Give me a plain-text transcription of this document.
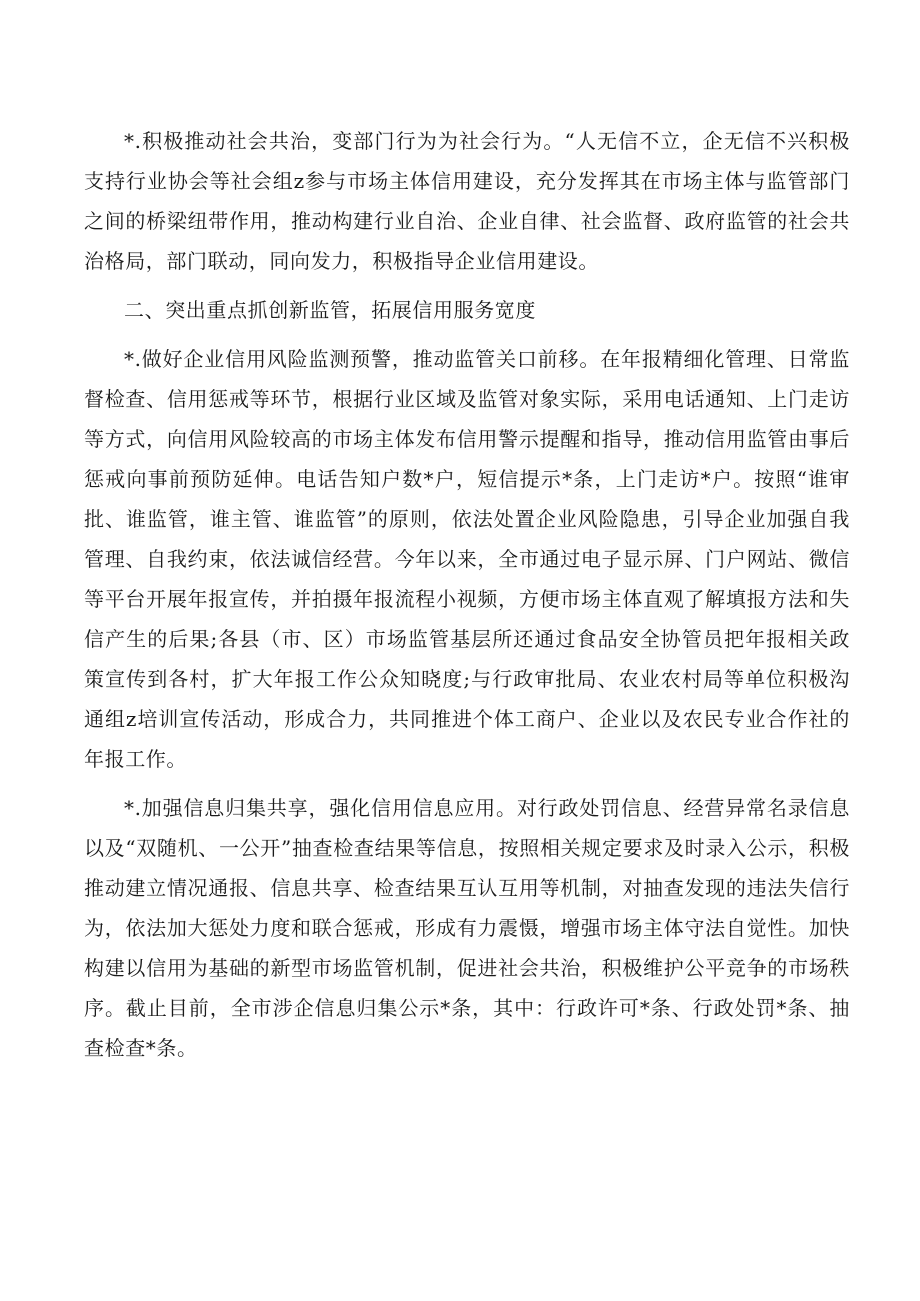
*.积极推动社会共治，变部门行为为社会行为。“人无信不立，企无信不兴积极支持行业协会等社会组z参与市场主体信用建设，充分发挥其在市场主体与监管部门之间的桥梁纽带作用，推动构建行业自治、企业自律、社会监督、政府监管的社会共治格局，部门联动，同向发力，积极指导企业信用建设。

二、突出重点抓创新监管，拓展信用服务宽度

*.做好企业信用风险监测预警，推动监管关口前移。在年报精细化管理、日常监督检查、信用惩戒等环节，根据行业区域及监管对象实际，采用电话通知、上门走访等方式，向信用风险较高的市场主体发布信用警示提醒和指导，推动信用监管由事后惩戒向事前预防延伸。电话告知户数*户，短信提示*条，上门走访*户。按照“谁审批、谁监管，谁主管、谁监管”的原则，依法处置企业风险隐患，引导企业加强自我管理、自我约束，依法诚信经营。今年以来，全市通过电子显示屏、门户网站、微信等平台开展年报宣传，并拍摄年报流程小视频，方便市场主体直观了解填报方法和失信产生的后果;各县（市、区）市场监管基层所还通过食品安全协管员把年报相关政策宣传到各村，扩大年报工作公众知晓度;与行政审批局、农业农村局等单位积极沟通组z培训宣传活动，形成合力，共同推进个体工商户、企业以及农民专业合作社的年报工作。

*.加强信息归集共享，强化信用信息应用。对行政处罚信息、经营异常名录信息以及“双随机、一公开”抽查检查结果等信息，按照相关规定要求及时录入公示，积极推动建立情况通报、信息共享、检查结果互认互用等机制，对抽查发现的违法失信行为，依法加大惩处力度和联合惩戒，形成有力震慑，增强市场主体守法自觉性。加快构建以信用为基础的新型市场监管机制，促进社会共治，积极维护公平竞争的市场秩序。截止目前，全市涉企信息归集公示*条，其中：行政许可*条、行政处罚*条、抽查检查*条。
